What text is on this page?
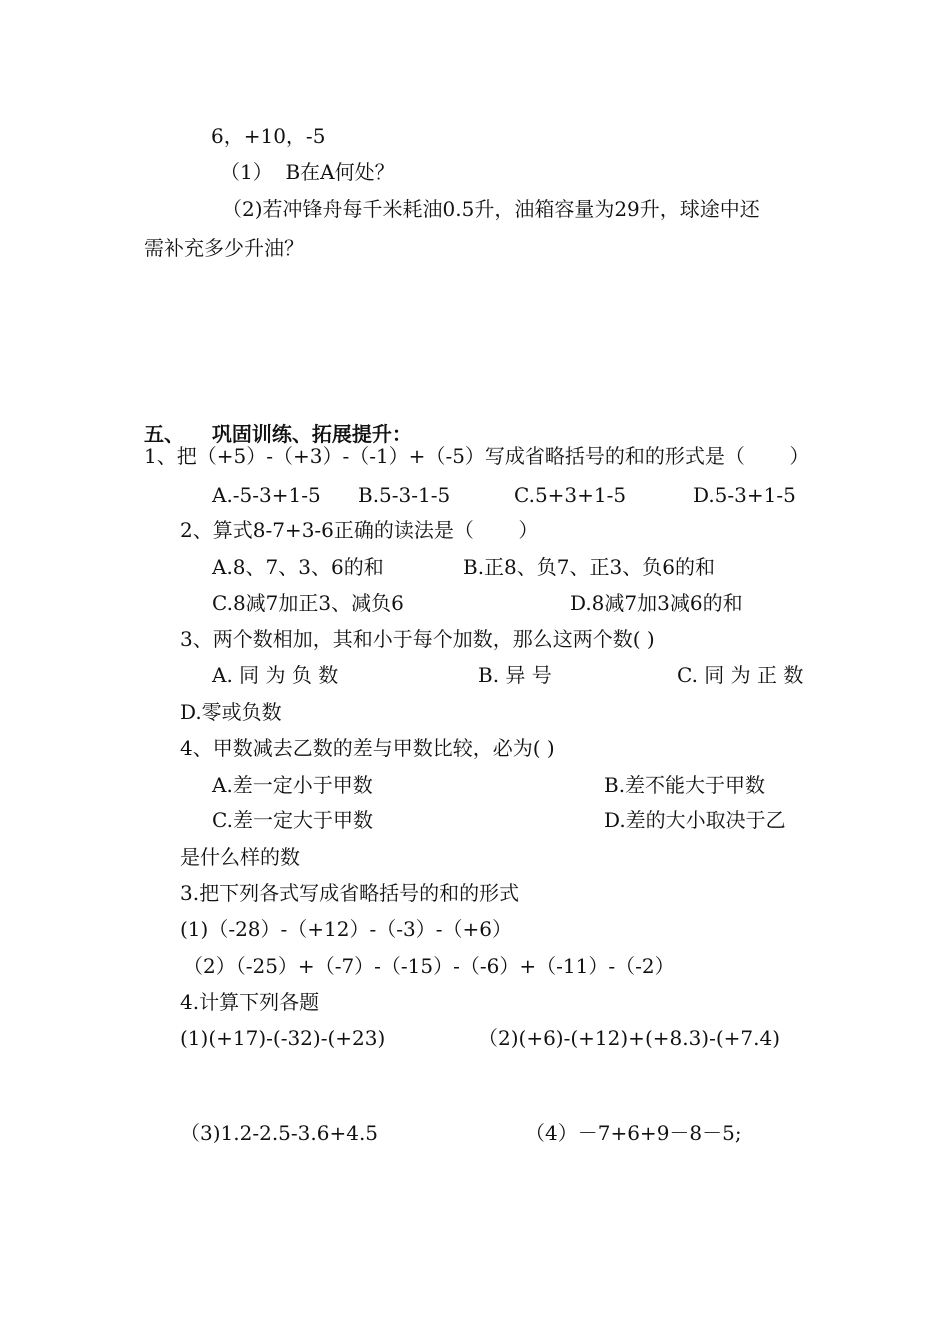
6，+10，-5
（1）  B在A何处？
（2)若冲锋舟每千米耗油0.5升，油箱容量为29升，球途中还
需补充多少升油？
五、    巩固训练、拓展提升：
1、把（+5）-（+3）-（-1）+（-5）写成省略括号的和的形式是（       ）
A.-5-3+1-5 B.5-3-1-5	C.5+3+1-5	D.5-3+1-5
2、算式8-7+3-6正确的读法是（       ）
A.8、7、3、6的和	B.正8、负7、正3、负6的和
C.8减7加正3、减负6	D.8减7加3减6的和
3、两个数相加，其和小于每个加数，那么这两个数( )
A. 同 为 负 数	B. 异 号	C. 同 为 正 数
D.零或负数
4、甲数减去乙数的差与甲数比较，必为( )
A.差一定小于甲数	B.差不能大于甲数
C.差一定大于甲数	D.差的大小取决于乙
是什么样的数
3.把下列各式写成省略括号的和的形式
(1)（-28）-（+12）-（-3）-（+6）
（2）（-25）+（-7）-（-15）-（-6）+（-11）-（-2）
4.计算下列各题
(1)(+17)-(-32)-(+23)	（2)(+6)-(+12)+(+8.3)-(+7.4)
（3)1.2-2.5-3.6+4.5	（4）－7+6+9－8－5;
